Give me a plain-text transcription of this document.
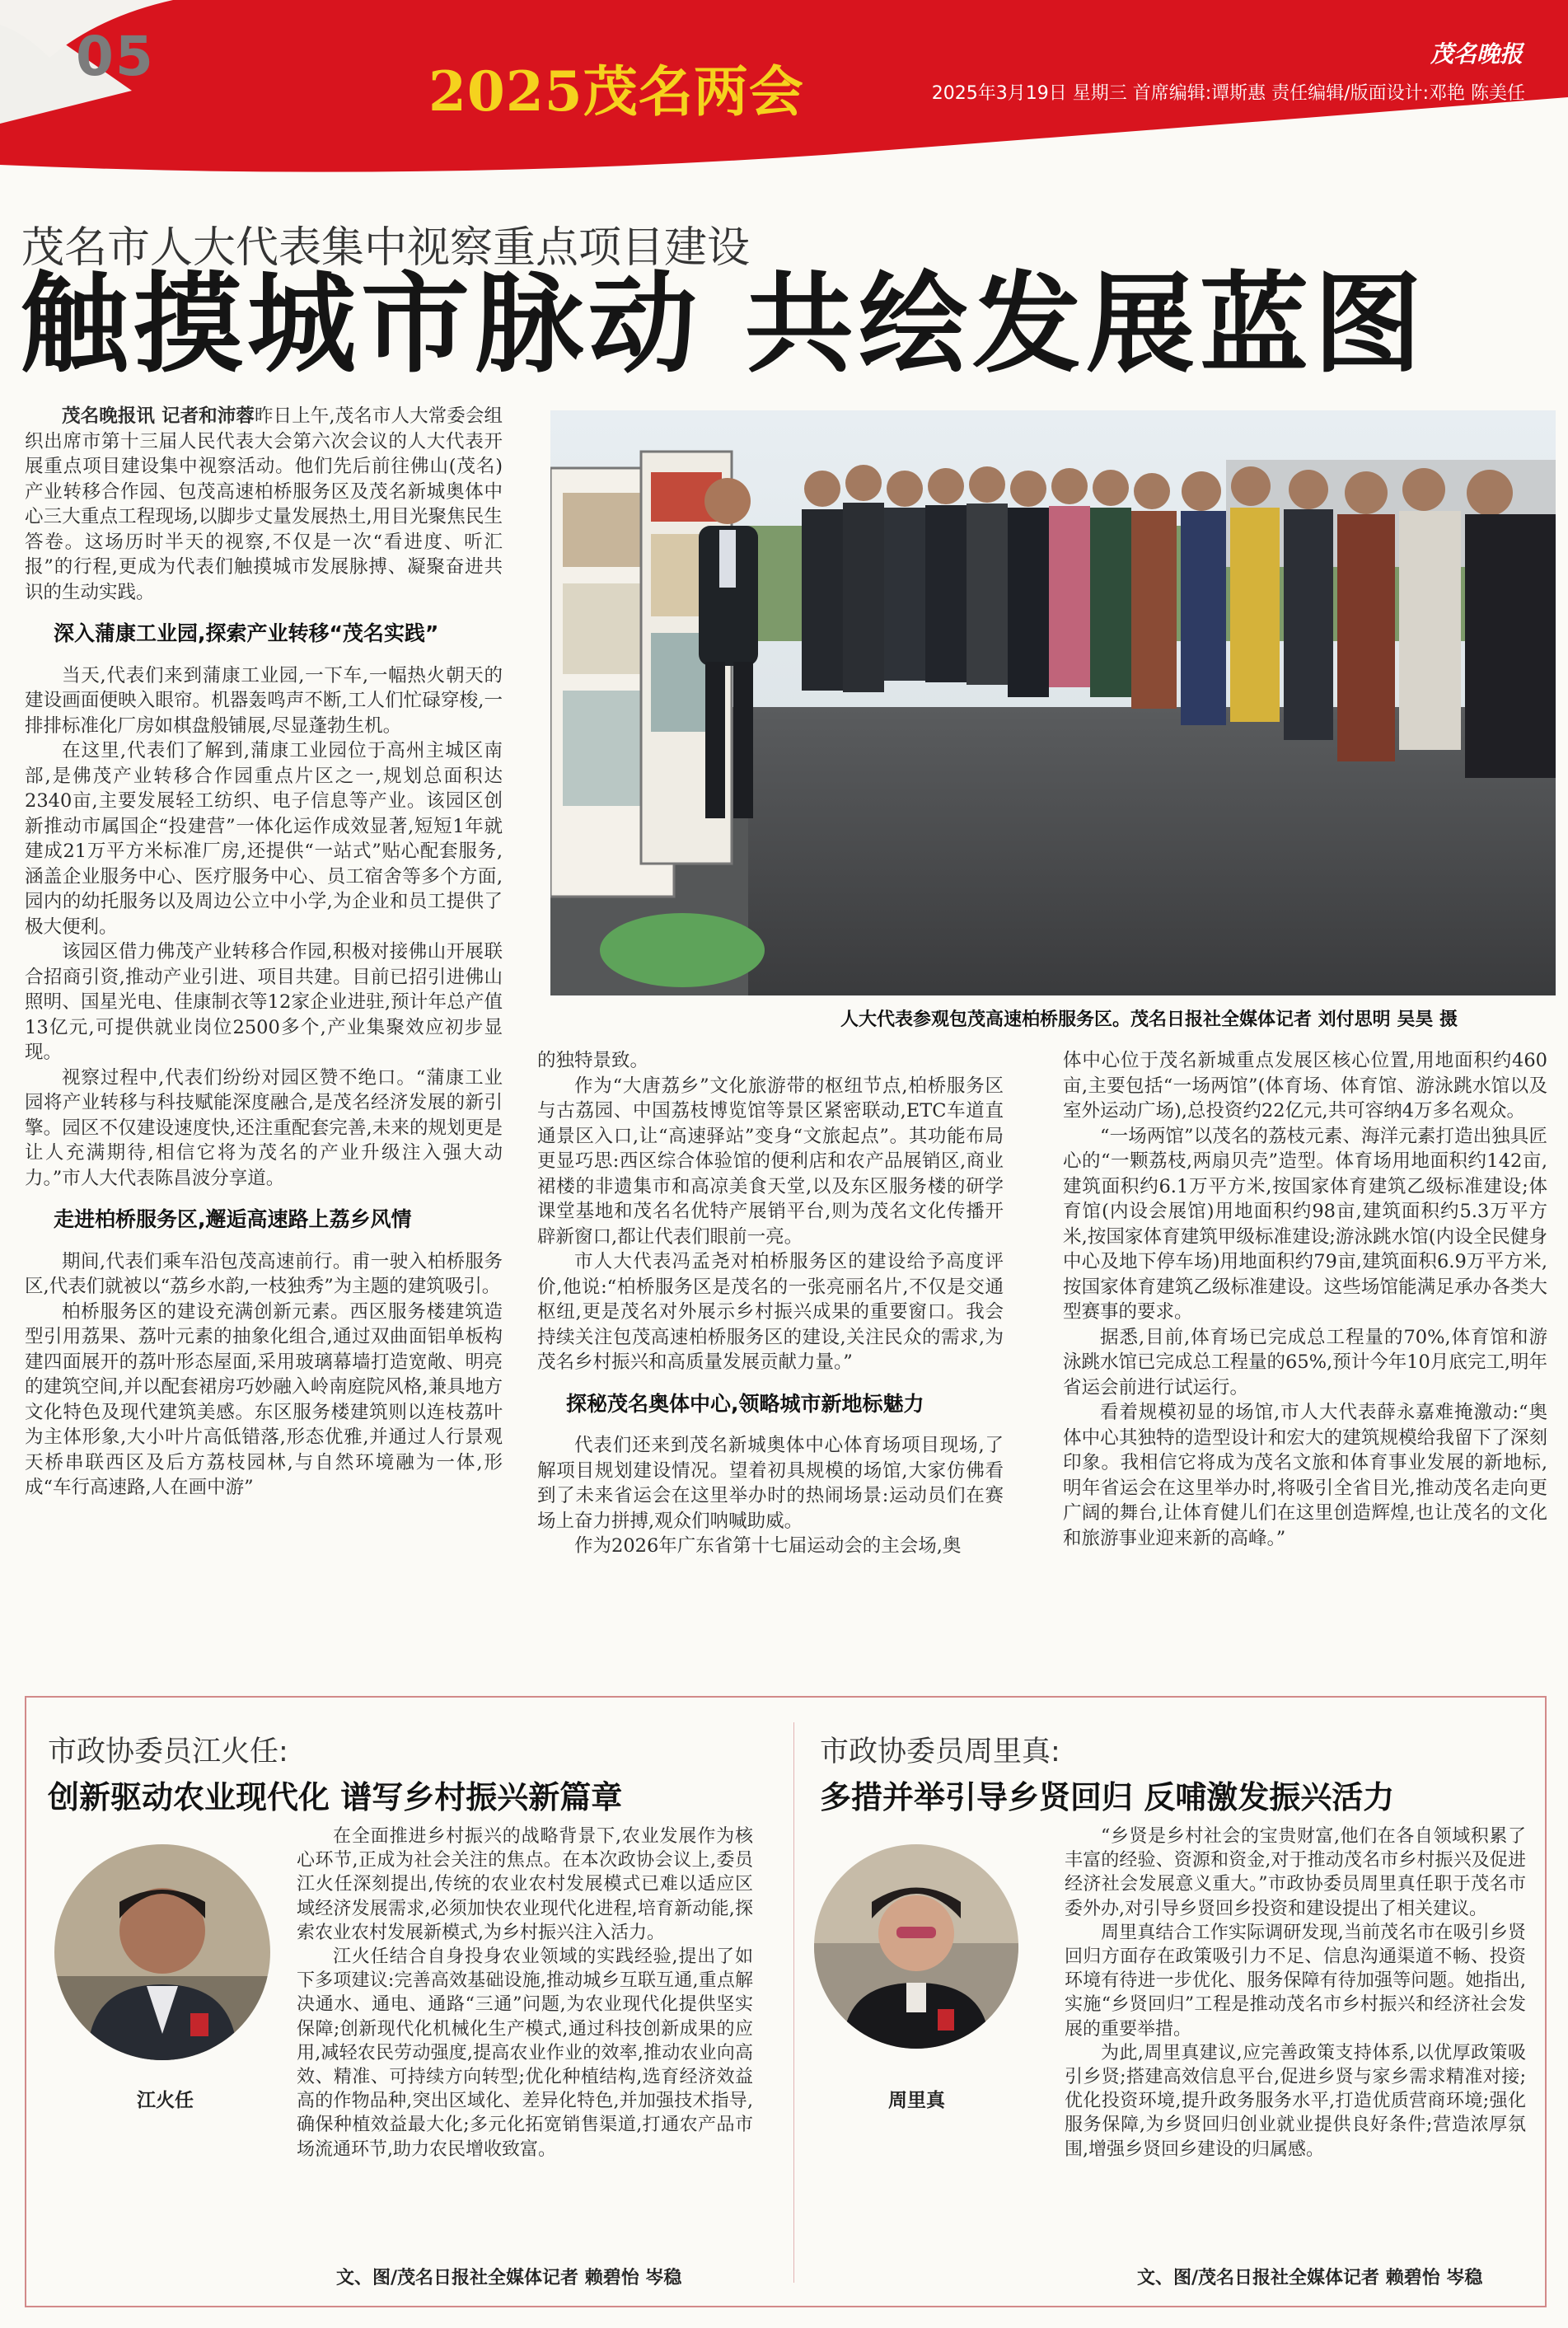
05
2025茂名两会
茂名晚报
2025年3月19日 星期三 首席编辑:谭斯惠 责任编辑/版面设计:邓艳 陈美任
茂名市人大代表集中视察重点项目建设
触摸城市脉动 共绘发展蓝图

茂名晚报讯 记者和沛蓉昨日上午,茂名市人大常委会组织出席市第十三届人民代表大会第六次会议的人大代表开展重点项目建设集中视察活动。他们先后前往佛山(茂名)产业转移合作园、包茂高速柏桥服务区及茂名新城奥体中心三大重点工程现场,以脚步丈量发展热土,用目光聚焦民生答卷。这场历时半天的视察,不仅是一次“看进度、听汇报”的行程,更成为代表们触摸城市发展脉搏、凝聚奋进共识的生动实践。

深入蒲康工业园,探索产业转移“茂名实践”

当天,代表们来到蒲康工业园,一下车,一幅热火朝天的建设画面便映入眼帘。机器轰鸣声不断,工人们忙碌穿梭,一排排标准化厂房如棋盘般铺展,尽显蓬勃生机。

在这里,代表们了解到,蒲康工业园位于高州主城区南部,是佛茂产业转移合作园重点片区之一,规划总面积达2340亩,主要发展轻工纺织、电子信息等产业。该园区创新推动市属国企“投建营”一体化运作成效显著,短短1年就建成21万平方米标准厂房,还提供“一站式”贴心配套服务,涵盖企业服务中心、医疗服务中心、员工宿舍等多个方面,园内的幼托服务以及周边公立中小学,为企业和员工提供了极大便利。

该园区借力佛茂产业转移合作园,积极对接佛山开展联合招商引资,推动产业引进、项目共建。目前已招引进佛山照明、国星光电、佳康制衣等12家企业进驻,预计年总产值13亿元,可提供就业岗位2500多个,产业集聚效应初步显现。

视察过程中,代表们纷纷对园区赞不绝口。“蒲康工业园将产业转移与科技赋能深度融合,是茂名经济发展的新引擎。园区不仅建设速度快,还注重配套完善,未来的规划更是让人充满期待,相信它将为茂名的产业升级注入强大动力。”市人大代表陈昌波分享道。

走进柏桥服务区,邂逅高速路上荔乡风情

期间,代表们乘车沿包茂高速前行。甫一驶入柏桥服务区,代表们就被以“荔乡水韵,一枝独秀”为主题的建筑吸引。

柏桥服务区的建设充满创新元素。西区服务楼建筑造型引用荔果、荔叶元素的抽象化组合,通过双曲面铝单板构建四面展开的荔叶形态屋面,采用玻璃幕墙打造宽敞、明亮的建筑空间,并以配套裙房巧妙融入岭南庭院风格,兼具地方文化特色及现代建筑美感。东区服务楼建筑则以连枝荔叶为主体形象,大小叶片高低错落,形态优雅,并通过人行景观天桥串联西区及后方荔枝园林,与自然环境融为一体,形成“车行高速路,人在画中游”

人大代表参观包茂高速柏桥服务区。茂名日报社全媒体记者 刘付思明 吴昊 摄

的独特景致。

作为“大唐荔乡”文化旅游带的枢纽节点,柏桥服务区与古荔园、中国荔枝博览馆等景区紧密联动,ETC车道直通景区入口,让“高速驿站”变身“文旅起点”。其功能布局更显巧思:西区综合体验馆的便利店和农产品展销区,商业裙楼的非遗集市和高凉美食天堂,以及东区服务楼的研学课堂基地和茂名名优特产展销平台,则为茂名文化传播开辟新窗口,都让代表们眼前一亮。

市人大代表冯孟尧对柏桥服务区的建设给予高度评价,他说:“柏桥服务区是茂名的一张亮丽名片,不仅是交通枢纽,更是茂名对外展示乡村振兴成果的重要窗口。我会持续关注包茂高速柏桥服务区的建设,关注民众的需求,为茂名乡村振兴和高质量发展贡献力量。”

探秘茂名奥体中心,领略城市新地标魅力

代表们还来到茂名新城奥体中心体育场项目现场,了解项目规划建设情况。望着初具规模的场馆,大家仿佛看到了未来省运会在这里举办时的热闹场景:运动员们在赛场上奋力拼搏,观众们呐喊助威。

作为2026年广东省第十七届运动会的主会场,奥

体中心位于茂名新城重点发展区核心位置,用地面积约460亩,主要包括“一场两馆”(体育场、体育馆、游泳跳水馆以及室外运动广场),总投资约22亿元,共可容纳4万多名观众。

“一场两馆”以茂名的荔枝元素、海洋元素打造出独具匠心的“一颗荔枝,两扇贝壳”造型。体育场用地面积约142亩,建筑面积约6.1万平方米,按国家体育建筑乙级标准建设;体育馆(内设会展馆)用地面积约98亩,建筑面积约5.3万平方米,按国家体育建筑甲级标准建设;游泳跳水馆(内设全民健身中心及地下停车场)用地面积约79亩,建筑面积6.9万平方米,按国家体育建筑乙级标准建设。这些场馆能满足承办各类大型赛事的要求。

据悉,目前,体育场已完成总工程量的70%,体育馆和游泳跳水馆已完成总工程量的65%,预计今年10月底完工,明年省运会前进行试运行。

看着规模初显的场馆,市人大代表薛永嘉难掩激动:“奥体中心其独特的造型设计和宏大的建筑规模给我留下了深刻印象。我相信它将成为茂名文旅和体育事业发展的新地标,明年省运会在这里举办时,将吸引全省目光,推动茂名走向更广阔的舞台,让体育健儿们在这里创造辉煌,也让茂名的文化和旅游事业迎来新的高峰。”

市政协委员江火任:
创新驱动农业现代化 谱写乡村振兴新篇章
江火任

在全面推进乡村振兴的战略背景下,农业发展作为核心环节,正成为社会关注的焦点。在本次政协会议上,委员江火任深刻提出,传统的农业农村发展模式已难以适应区域经济发展需求,必须加快农业现代化进程,培育新动能,探索农业农村发展新模式,为乡村振兴注入活力。

江火任结合自身投身农业领域的实践经验,提出了如下多项建议:完善高效基础设施,推动城乡互联互通,重点解决通水、通电、通路“三通”问题,为农业现代化提供坚实保障;创新现代化机械化生产模式,通过科技创新成果的应用,减轻农民劳动强度,提高农业作业的效率,推动农业向高效、精准、可持续方向转型;优化种植结构,选育经济效益高的作物品种,突出区域化、差异化特色,并加强技术指导,确保种植效益最大化;多元化拓宽销售渠道,打通农产品市场流通环节,助力农民增收致富。

文、图/茂名日报社全媒体记者 赖碧怡 岑稳
市政协委员周里真:
多措并举引导乡贤回归 反哺激发振兴活力
周里真

“乡贤是乡村社会的宝贵财富,他们在各自领域积累了丰富的经验、资源和资金,对于推动茂名市乡村振兴及促进经济社会发展意义重大。”市政协委员周里真任职于茂名市委外办,对引导乡贤回乡投资和建设提出了相关建议。

周里真结合工作实际调研发现,当前茂名市在吸引乡贤回归方面存在政策吸引力不足、信息沟通渠道不畅、投资环境有待进一步优化、服务保障有待加强等问题。她指出,实施“乡贤回归”工程是推动茂名市乡村振兴和经济社会发展的重要举措。

为此,周里真建议,应完善政策支持体系,以优厚政策吸引乡贤;搭建高效信息平台,促进乡贤与家乡需求精准对接;优化投资环境,提升政务服务水平,打造优质营商环境;强化服务保障,为乡贤回归创业就业提供良好条件;营造浓厚氛围,增强乡贤回乡建设的归属感。

文、图/茂名日报社全媒体记者 赖碧怡 岑稳
